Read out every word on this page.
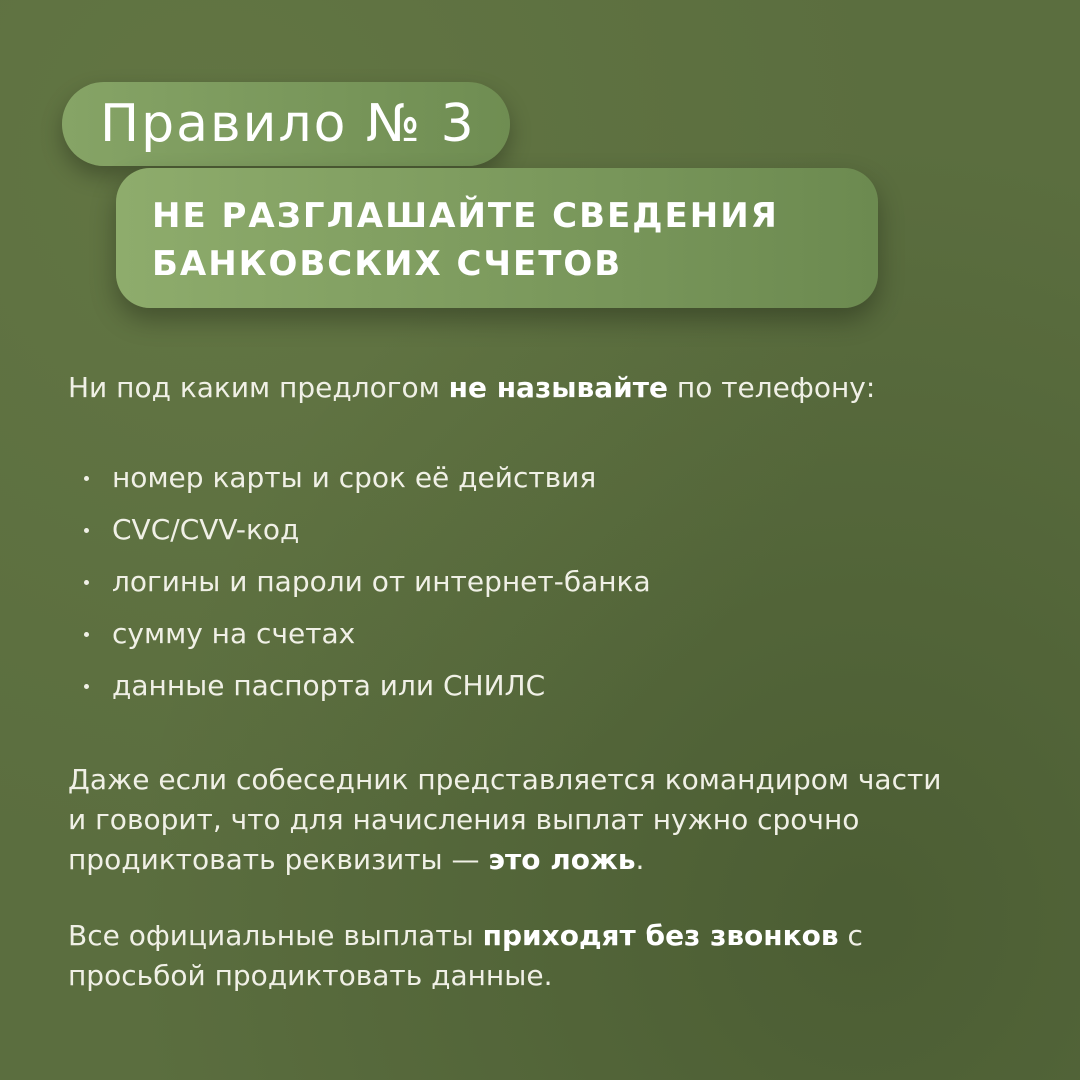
Правило № 3
НЕ РАЗГЛАШАЙТЕ СВЕДЕНИЯ
БАНКОВСКИХ СЧЕТОВ

Ни под каким предлогом не называйте по телефону:

номер карты и срок её действия
CVC/CVV-код
логины и пароли от интернет-банка
сумму на счетах
данные паспорта или СНИЛС

Даже если собеседник представляется командиром части
и говорит, что для начисления выплат нужно срочно
продиктовать реквизиты — это ложь.

Все официальные выплаты приходят без звонков с
просьбой продиктовать данные.
